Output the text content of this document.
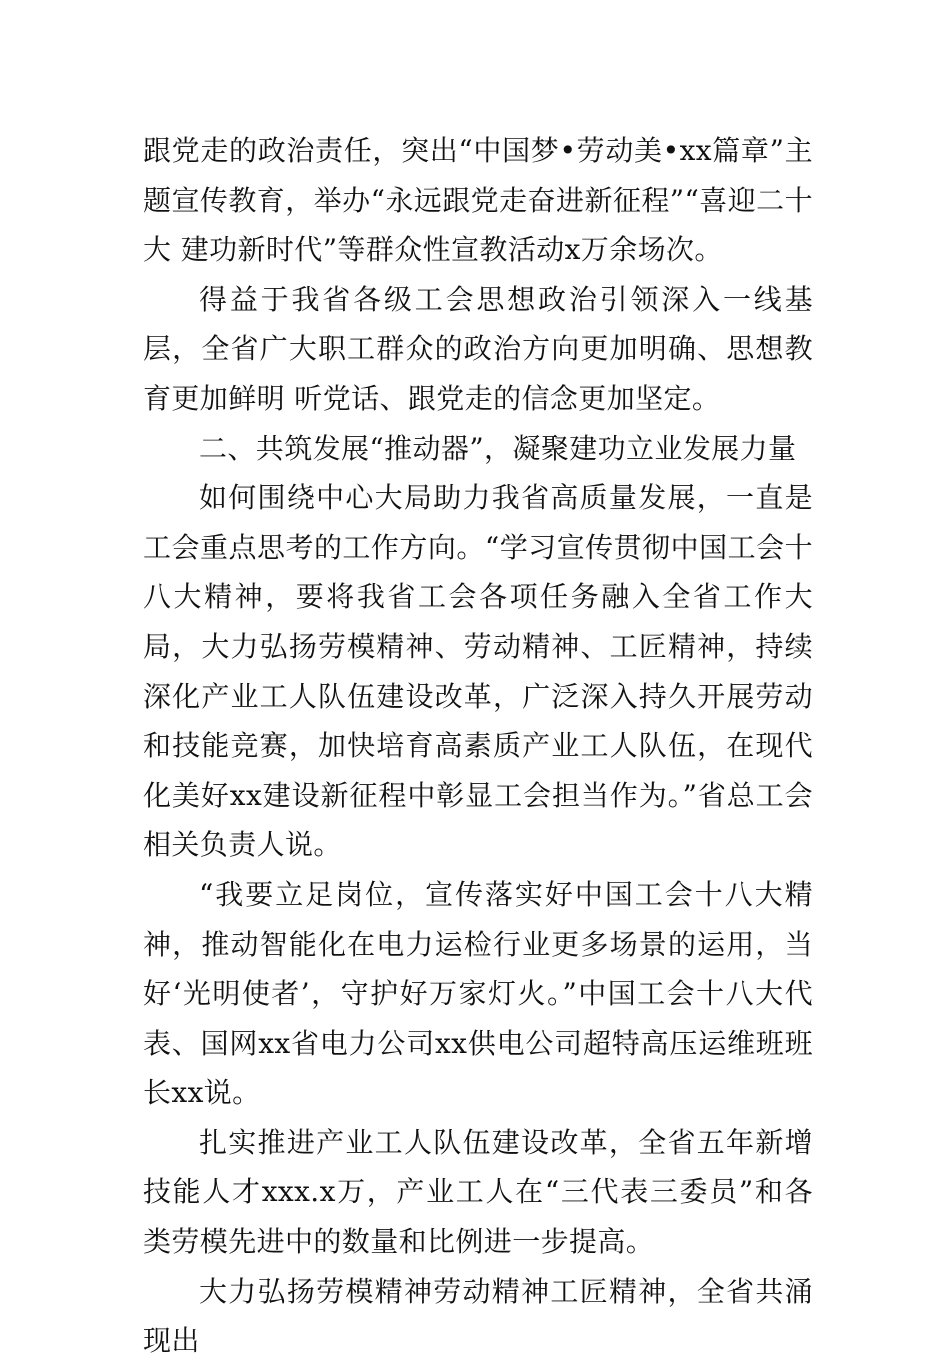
跟党走的政治责任，突出“中国梦•劳动美•xx篇章”主题宣传教育，举办“永远跟党走奋进新征程”“喜迎二十大 建功新时代”等群众性宣教活动x万余场次。

得益于我省各级工会思想政治引领深入一线基层，全省广大职工群众的政治方向更加明确、思想教育更加鲜明 听党话、跟党走的信念更加坚定。

二、共筑发展“推动器”，凝聚建功立业发展力量

如何围绕中心大局助力我省高质量发展，一直是工会重点思考的工作方向。“学习宣传贯彻中国工会十八大精神，要将我省工会各项任务融入全省工作大局，大力弘扬劳模精神、劳动精神、工匠精神，持续深化产业工人队伍建设改革，广泛深入持久开展劳动和技能竞赛，加快培育高素质产业工人队伍，在现代化美好xx建设新征程中彰显工会担当作为。”省总工会相关负责人说。

“我要立足岗位，宣传落实好中国工会十八大精神，推动智能化在电力运检行业更多场景的运用，当好‘光明使者’，守护好万家灯火。”中国工会十八大代表、国网xx省电力公司xx供电公司超特高压运维班班长xx说。

扎实推进产业工人队伍建设改革，全省五年新增技能人才xxx.x万，产业工人在“三代表三委员”和各类劳模先进中的数量和比例进一步提高。

大力弘扬劳模精神劳动精神工匠精神，全省共涌现出
